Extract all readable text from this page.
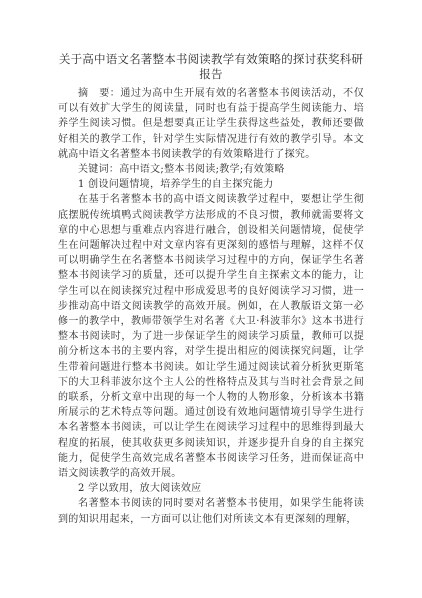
关于高中语文名著整本书阅读教学有效策略的探讨获奖科研报告

摘　要：通过为高中生开展有效的名著整本书阅读活动，不仅可以有效扩大学生的阅读量，同时也有益于提高学生阅读能力、培养学生阅读习惯。但是想要真正让学生获得这些益处，教师还要做好相关的教学工作，针对学生实际情况进行有效的教学引导。本文就高中语文名著整本书阅读教学的有效策略进行了探究。

关键词：高中语文;整本书阅读;教学;有效策略

1 创设问题情境，培养学生的自主探究能力

在基于名著整本书的高中语文阅读教学过程中，要想让学生彻底摆脱传统填鸭式阅读教学方法形成的不良习惯，教师就需要将文章的中心思想与重难点内容进行融合，创设相关问题情境，促使学生在问题解决过程中对文章内容有更深刻的感悟与理解，这样不仅可以明确学生在名著整本书阅读学习过程中的方向，保证学生名著整本书阅读学习的质量，还可以提升学生自主探索文本的能力，让学生可以在阅读探究过程中形成爱思考的良好阅读学习习惯，进一步推动高中语文阅读教学的高效开展。例如，在人教版语文第一必修一的教学中，教师带领学生对名著《大卫·科波菲尔》这本书进行整本书阅读时，为了进一步保证学生的阅读学习质量，教师可以提前分析这本书的主要内容，对学生提出相应的阅读探究问题，让学生带着问题进行整本书阅读。如让学生通过阅读试着分析狄更斯笔下的大卫科菲波尔这个主人公的性格特点及其与当时社会背景之间的联系，分析文章中出现的每一个人物的人物形象，分析该本书籍所展示的艺术特点等问题。通过创设有效地问题情境引导学生进行本名著整本书阅读，可以让学生在阅读学习过程中的思维得到最大程度的拓展，使其收获更多阅读知识，并逐步提升自身的自主探究能力，促使学生高效完成名著整本书阅读学习任务，进而保证高中语文阅读教学的高效开展。

2 学以致用，放大阅读效应

名著整本书阅读的同时要对名著整本书使用，如果学生能将读到的知识用起来，一方面可以让他们对所读文本有更深刻的理解，
